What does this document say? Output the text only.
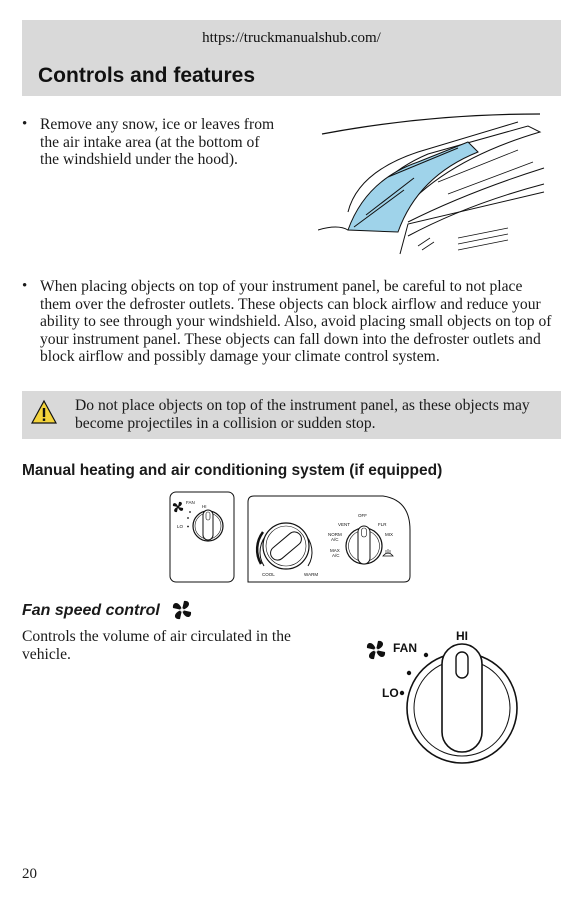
https://truckmanualshub.com/
Controls and features
• Remove any snow, ice or leaves from the air intake area (at the bottom of the windshield under the hood).
• When placing objects on top of your instrument panel, be careful to not place them over the defroster outlets. These objects can block airflow and reduce your ability to see through your windshield. Also, avoid placing small objects on top of your instrument panel. These objects can fall down into the defroster outlets and block airflow and possibly damage your climate control system.
Do not place objects on top of the instrument panel, as these objects may become projectiles in a collision or sudden stop.
Manual heating and air conditioning system (if equipped)
FAN
HI
LO
COOL	WARM
OFF
VENT	FLR
NORM
A/C
MIX
MAX
A/C
Fan speed control
Controls the volume of air circulated in the vehicle.	FAN
HI
LO
20
